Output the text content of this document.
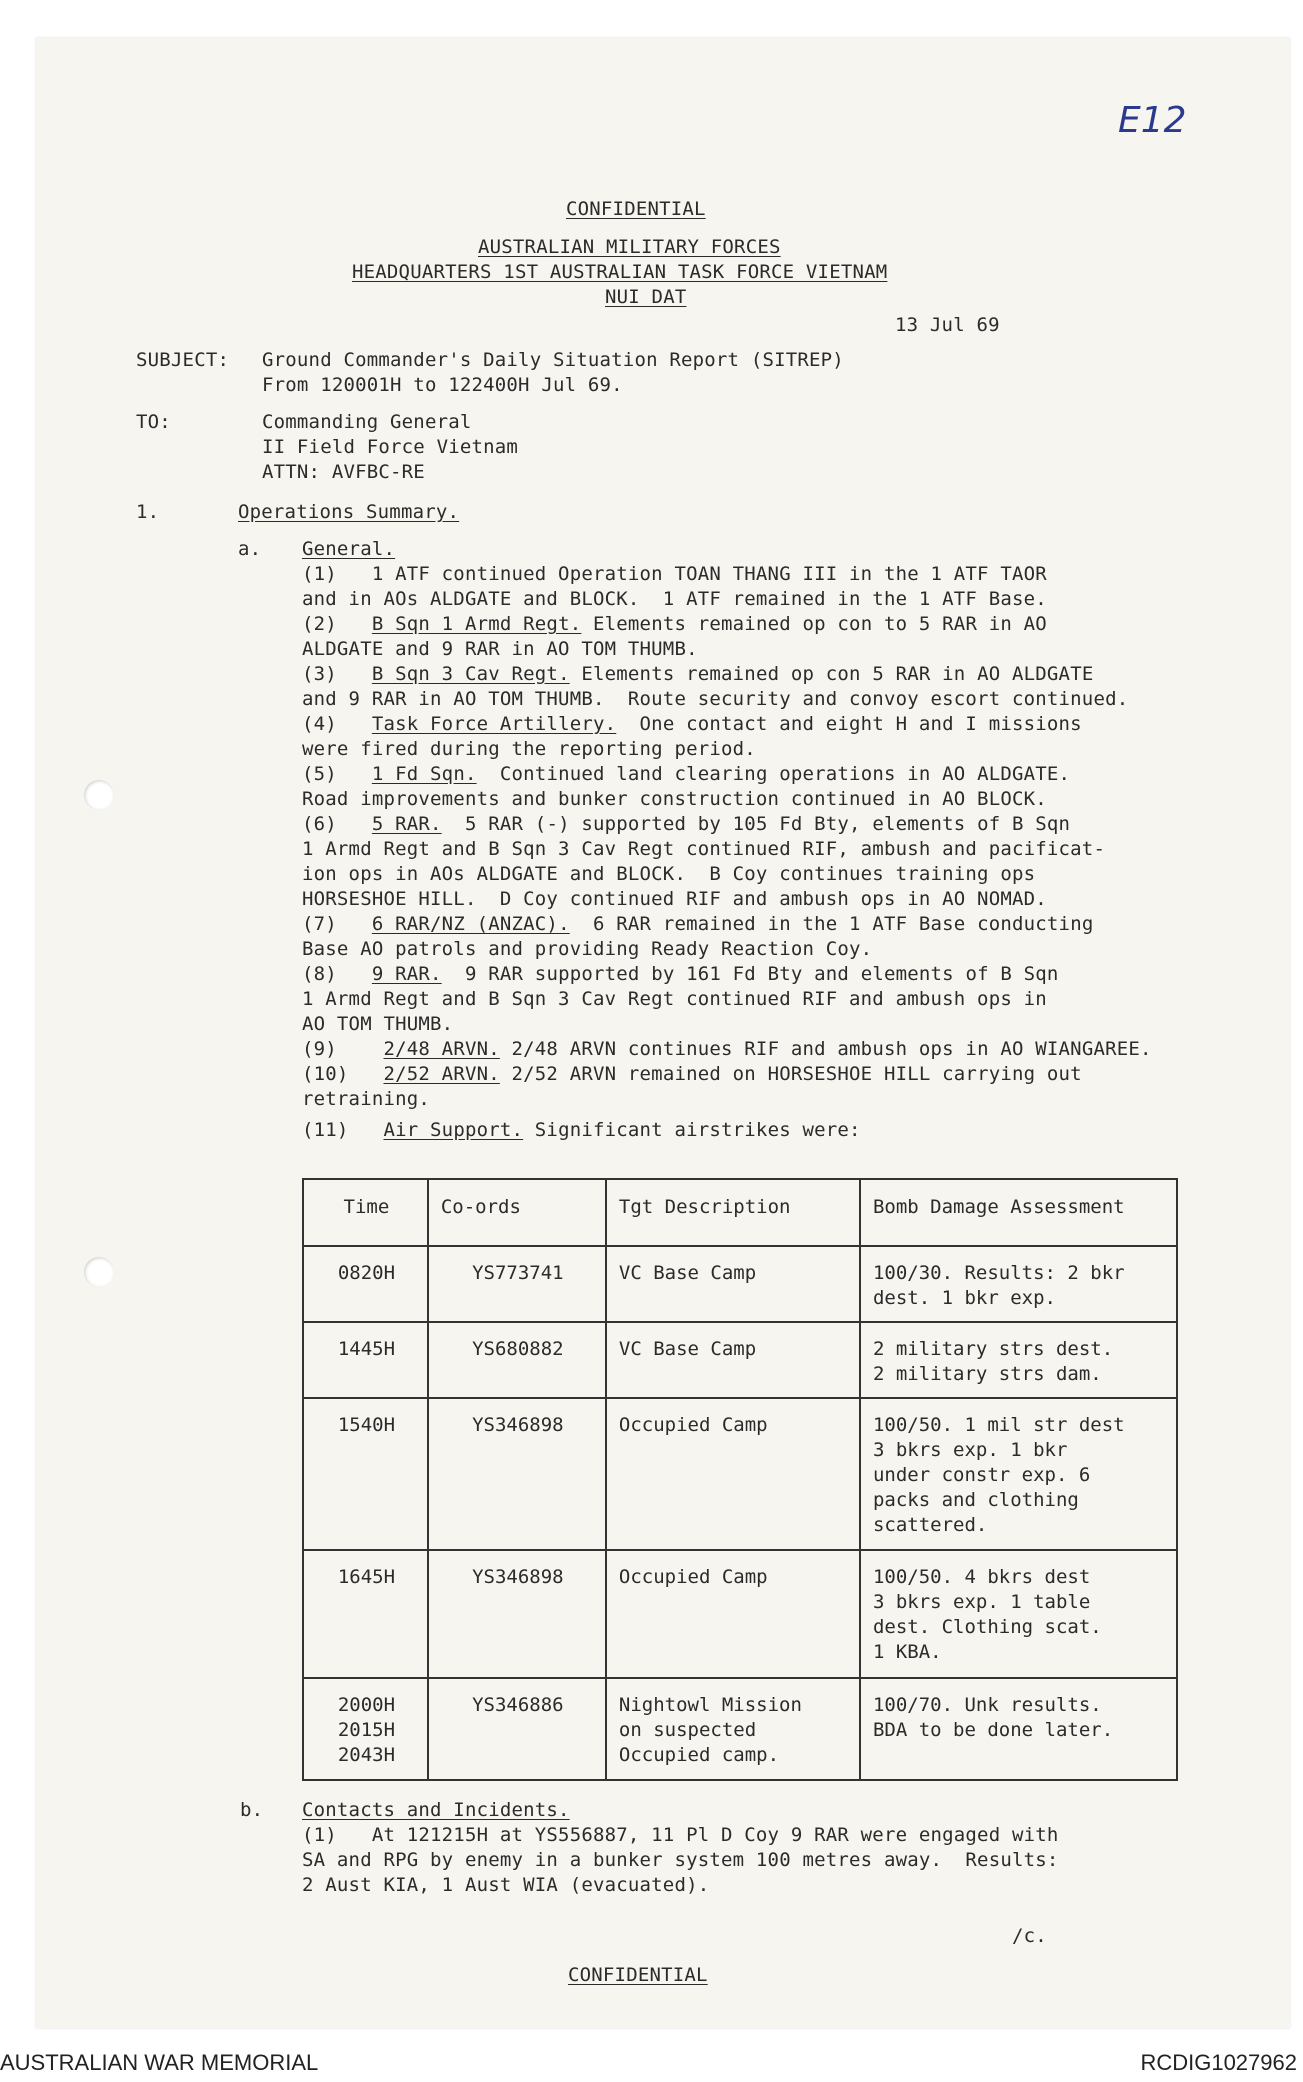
E12
CONFIDENTIAL
AUSTRALIAN MILITARY FORCES
HEADQUARTERS 1ST AUSTRALIAN TASK FORCE VIETNAM
NUI DAT
13 Jul 69
SUBJECT: Ground Commander's Daily Situation Report (SITREP)
From 120001H to 122400H Jul 69.
TO:	Commanding General
II Field Force Vietnam
ATTN: AVFBC-RE
1.	Operations Summary.
a. General.
(1)   1 ATF continued Operation TOAN THANG III in the 1 ATF TAOR
and in AOs ALDGATE and BLOCK.  1 ATF remained in the 1 ATF Base.
(2)   B Sqn 1 Armd Regt. Elements remained op con to 5 RAR in AO
ALDGATE and 9 RAR in AO TOM THUMB.
(3)   B Sqn 3 Cav Regt. Elements remained op con 5 RAR in AO ALDGATE
and 9 RAR in AO TOM THUMB.  Route security and convoy escort continued.
(4)   Task Force Artillery.  One contact and eight H and I missions
were fired during the reporting period.
(5)   1 Fd Sqn.  Continued land clearing operations in AO ALDGATE.
Road improvements and bunker construction continued in AO BLOCK.
(6)   5 RAR.  5 RAR (-) supported by 105 Fd Bty, elements of B Sqn
1 Armd Regt and B Sqn 3 Cav Regt continued RIF, ambush and pacificat-
ion ops in AOs ALDGATE and BLOCK.  B Coy continues training ops
HORSESHOE HILL.  D Coy continued RIF and ambush ops in AO NOMAD.
(7)   6 RAR/NZ (ANZAC).  6 RAR remained in the 1 ATF Base conducting
Base AO patrols and providing Ready Reaction Coy.
(8)   9 RAR.  9 RAR supported by 161 Fd Bty and elements of B Sqn
1 Armd Regt and B Sqn 3 Cav Regt continued RIF and ambush ops in
AO TOM THUMB.
(9)    2/48 ARVN. 2/48 ARVN continues RIF and ambush ops in AO WIANGAREE.
(10)   2/52 ARVN. 2/52 ARVN remained on HORSESHOE HILL carrying out
retraining.
(11)   Air Support. Significant airstrikes were:
Time	Co-ords	Tgt Description	Bomb Damage Assessment
0820H	YS773741	VC Base Camp	100/30. Results: 2 bkr
dest. 1 bkr exp.
1445H	YS680882	VC Base Camp	2 military strs dest.
2 military strs dam.
1540H	YS346898	Occupied Camp	100/50. 1 mil str dest
3 bkrs exp. 1 bkr
under constr exp. 6
packs and clothing
scattered.
1645H	YS346898	Occupied Camp	100/50. 4 bkrs dest
3 bkrs exp. 1 table
dest. Clothing scat.
1 KBA.
2000H
2015H
2043H	YS346886	Nightowl Mission
on suspected
Occupied camp.	100/70. Unk results.
BDA to be done later.
b. Contacts and Incidents.
(1)   At 121215H at YS556887, 11 Pl D Coy 9 RAR were engaged with
SA and RPG by enemy in a bunker system 100 metres away.  Results:
2 Aust KIA, 1 Aust WIA (evacuated).
/c.
CONFIDENTIAL
AUSTRALIAN WAR MEMORIAL	RCDIG1027962
